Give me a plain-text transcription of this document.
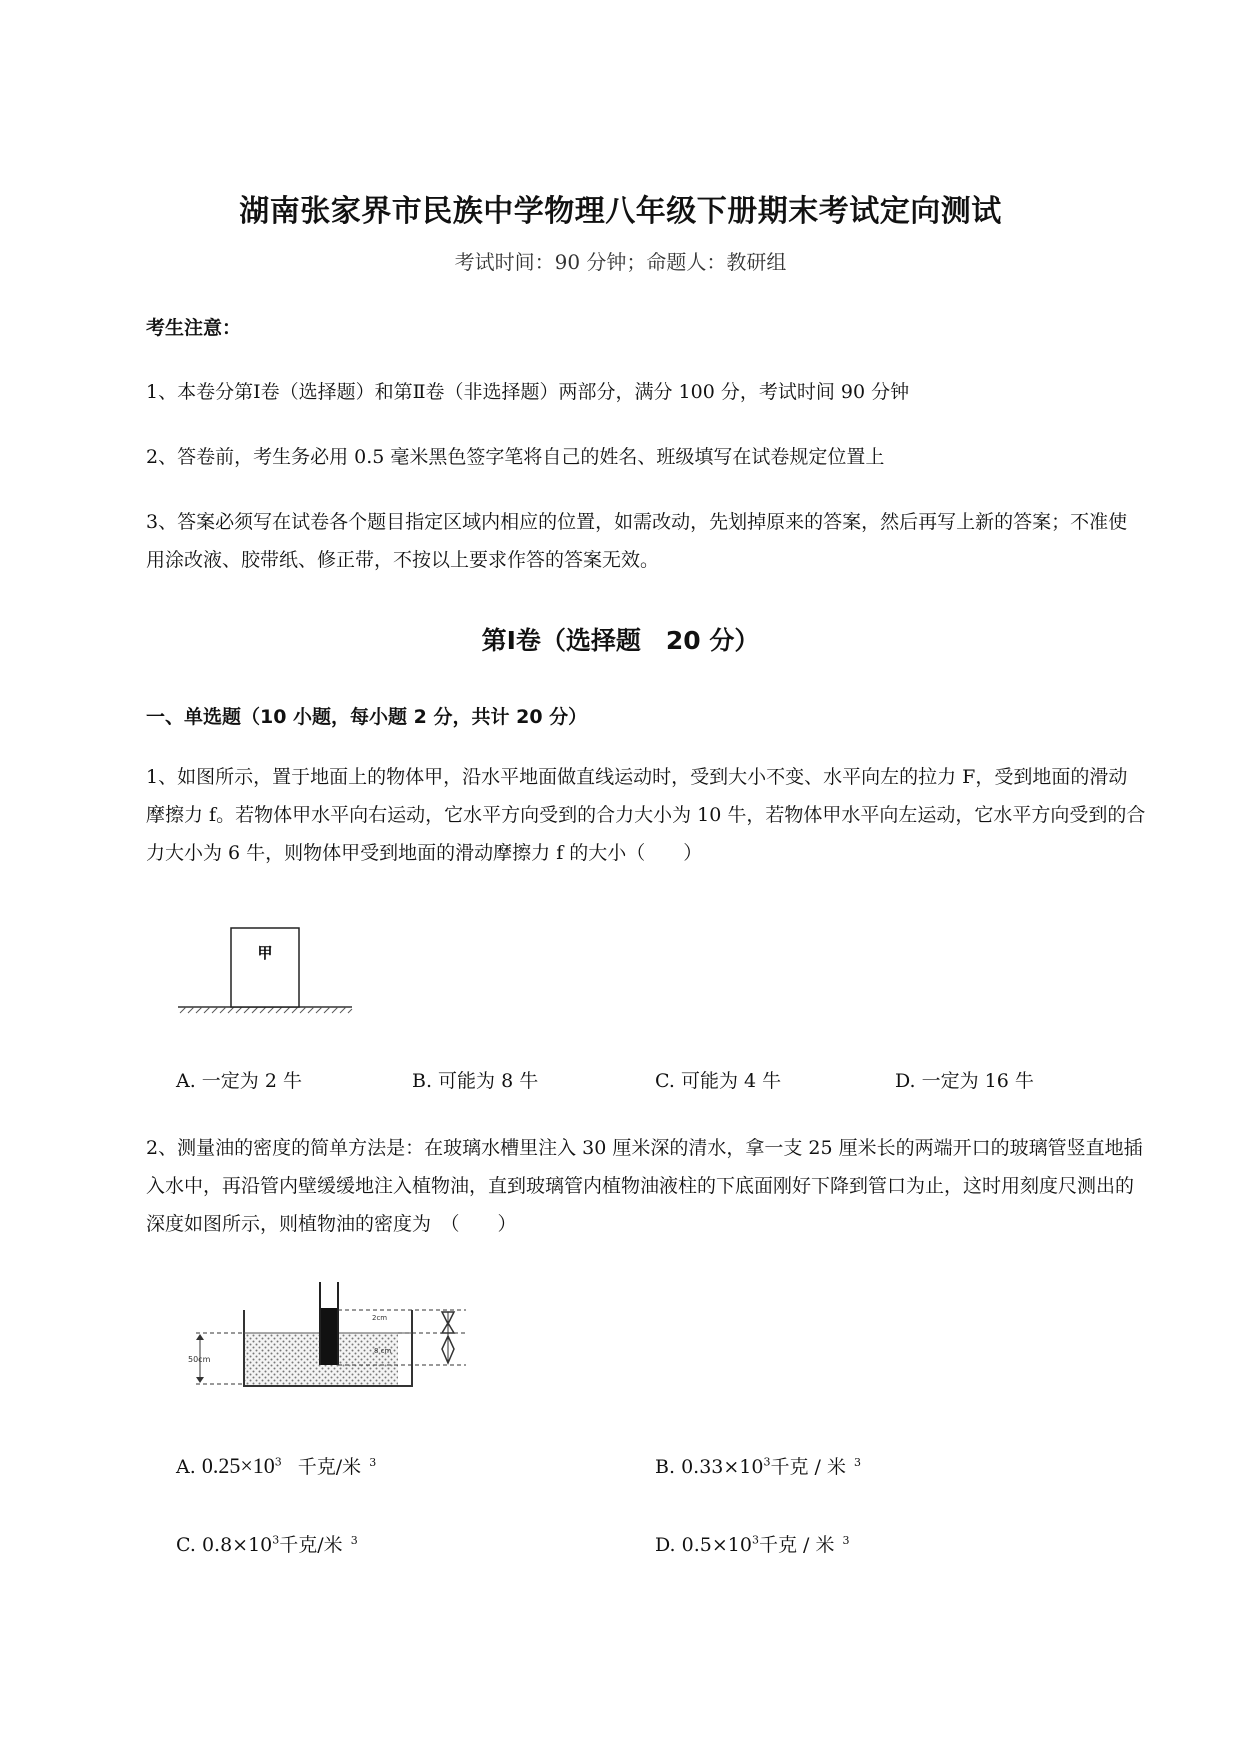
湖南张家界市民族中学物理八年级下册期末考试定向测试
考试时间：90 分钟；命题人：教研组
考生注意：
1、本卷分第Ⅰ卷（选择题）和第Ⅱ卷（非选择题）两部分，满分 100 分，考试时间 90 分钟
2、答卷前，考生务必用 0.5 毫米黑色签字笔将自己的姓名、班级填写在试卷规定位置上
3、答案必须写在试卷各个题目指定区域内相应的位置，如需改动，先划掉原来的答案，然后再写上新的答案；不准使用涂改液、胶带纸、修正带，不按以上要求作答的答案无效。
第Ⅰ卷（选择题　20 分）
一、单选题（10 小题，每小题 2 分，共计 20 分）
1、如图所示，置于地面上的物体甲，沿水平地面做直线运动时，受到大小不变、水平向左的拉力 F，受到地面的滑动摩擦力 f。若物体甲水平向右运动，它水平方向受到的合力大小为 10 牛，若物体甲水平向左运动，它水平方向受到的合力大小为 6 牛，则物体甲受到地面的滑动摩擦力 f 的大小（　　）
甲
A. 一定为 2 牛	B. 可能为 8 牛	C. 可能为 4 牛	D. 一定为 16 牛
2、测量油的密度的简单方法是：在玻璃水槽里注入 30 厘米深的清水，拿一支 25 厘米长的两端开口的玻璃管竖直地插入水中，再沿管内壁缓缓地注入植物油，直到玻璃管内植物油液柱的下底面刚好下降到管口为止，这时用刻度尺测出的深度如图所示，则植物油的密度为　（　　）
50cm
2cm
8 cm
A. $0.25\times 10^3$ 千克/米 $^3$	B. $0.33\times 10^3$千克 / 米 $^3$
C. $0.8\times 10^3$千克/米 $^3$	D. $0.5\times 10^3$千克 / 米 $^3$
